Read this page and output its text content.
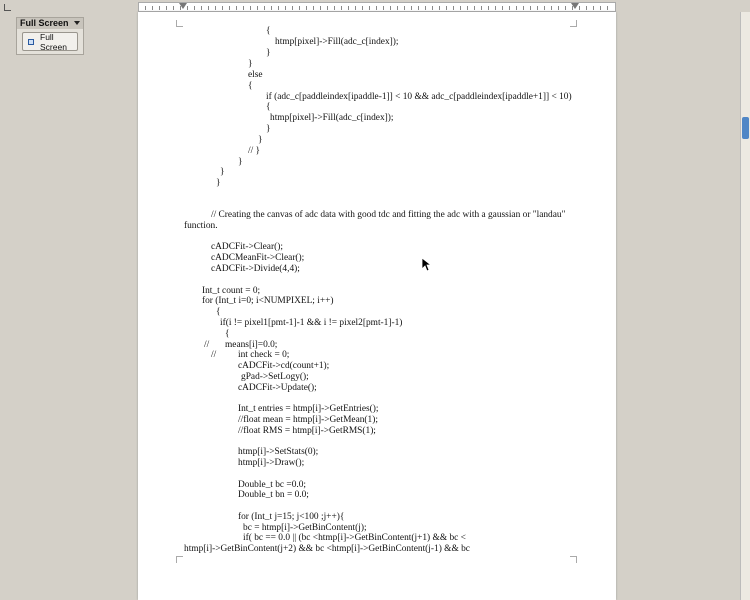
Full Screen
Full Screen
{
htmp[pixel]->Fill(adc_c[index]);
}
}
else
{
if (adc_c[paddleindex[ipaddle-1]] < 10 && adc_c[paddleindex[ipaddle+1]] < 10)
{
htmp[pixel]->Fill(adc_c[index]);
}
}
// }
}
}
}
// Creating the canvas of adc data with good tdc and fitting the adc with a gaussian or "landau"
function.
cADCFit->Clear();
cADCMeanFit->Clear();
cADCFit->Divide(4,4);
Int_t count = 0;
for (Int_t i=0; i<NUMPIXEL; i++)
{
if(i != pixel1[pmt-1]-1 && i != pixel2[pmt-1]-1)
{
// means[i]=0.0;
// int check = 0;
cADCFit->cd(count+1);
gPad->SetLogy();
cADCFit->Update();
Int_t entries = htmp[i]->GetEntries();
//float mean = htmp[i]->GetMean(1);
//float RMS = htmp[i]->GetRMS(1);
htmp[i]->SetStats(0);
htmp[i]->Draw();
Double_t bc =0.0;
Double_t bn = 0.0;
for (Int_t j=15; j<100 ;j++){
bc = htmp[i]->GetBinContent(j);
if( bc == 0.0 || (bc <htmp[i]->GetBinContent(j+1) && bc <
htmp[i]->GetBinContent(j+2) && bc <htmp[i]->GetBinContent(j-1) && bc
